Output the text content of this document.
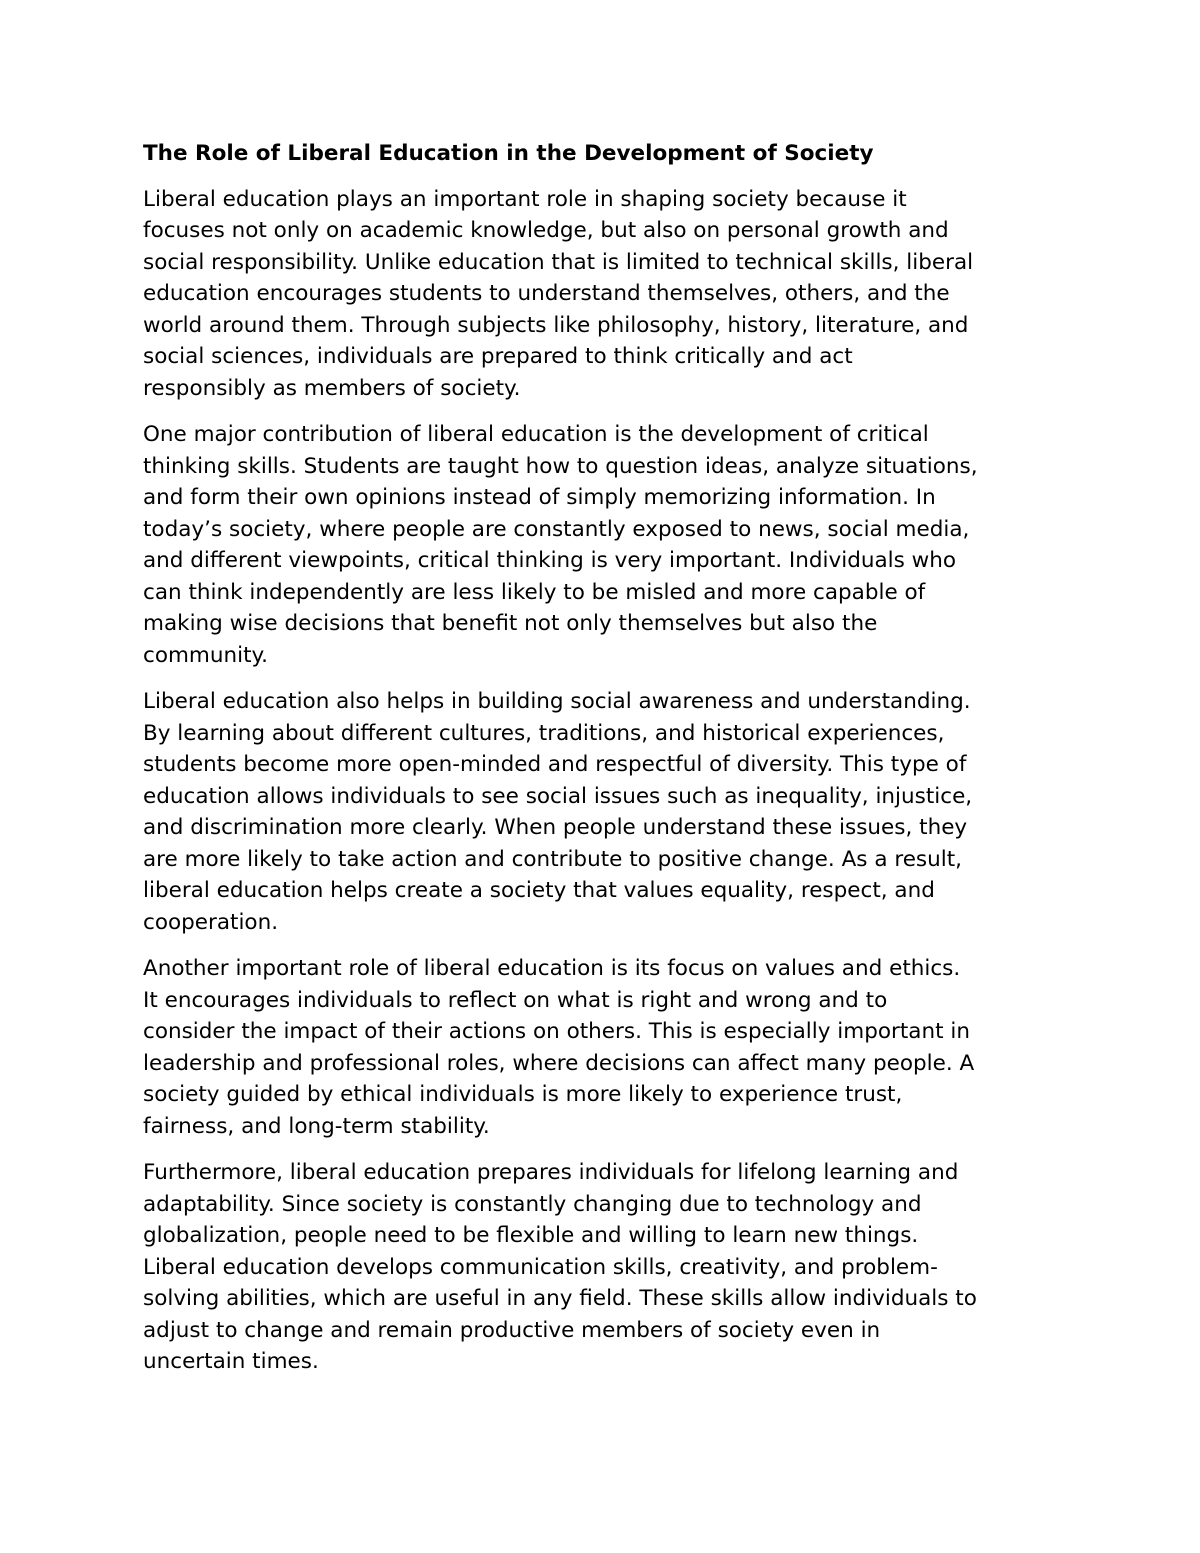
The Role of Liberal Education in the Development of Society
Liberal education plays an important role in shaping society because it
focuses not only on academic knowledge, but also on personal growth and
social responsibility. Unlike education that is limited to technical skills, liberal
education encourages students to understand themselves, others, and the
world around them. Through subjects like philosophy, history, literature, and
social sciences, individuals are prepared to think critically and act
responsibly as members of society.
One major contribution of liberal education is the development of critical
thinking skills. Students are taught how to question ideas, analyze situations,
and form their own opinions instead of simply memorizing information. In
today’s society, where people are constantly exposed to news, social media,
and different viewpoints, critical thinking is very important. Individuals who
can think independently are less likely to be misled and more capable of
making wise decisions that benefit not only themselves but also the
community.
Liberal education also helps in building social awareness and understanding.
By learning about different cultures, traditions, and historical experiences,
students become more open-minded and respectful of diversity. This type of
education allows individuals to see social issues such as inequality, injustice,
and discrimination more clearly. When people understand these issues, they
are more likely to take action and contribute to positive change. As a result,
liberal education helps create a society that values equality, respect, and
cooperation.
Another important role of liberal education is its focus on values and ethics.
It encourages individuals to reflect on what is right and wrong and to
consider the impact of their actions on others. This is especially important in
leadership and professional roles, where decisions can affect many people. A
society guided by ethical individuals is more likely to experience trust,
fairness, and long-term stability.
Furthermore, liberal education prepares individuals for lifelong learning and
adaptability. Since society is constantly changing due to technology and
globalization, people need to be flexible and willing to learn new things.
Liberal education develops communication skills, creativity, and problem-
solving abilities, which are useful in any field. These skills allow individuals to
adjust to change and remain productive members of society even in
uncertain times.
